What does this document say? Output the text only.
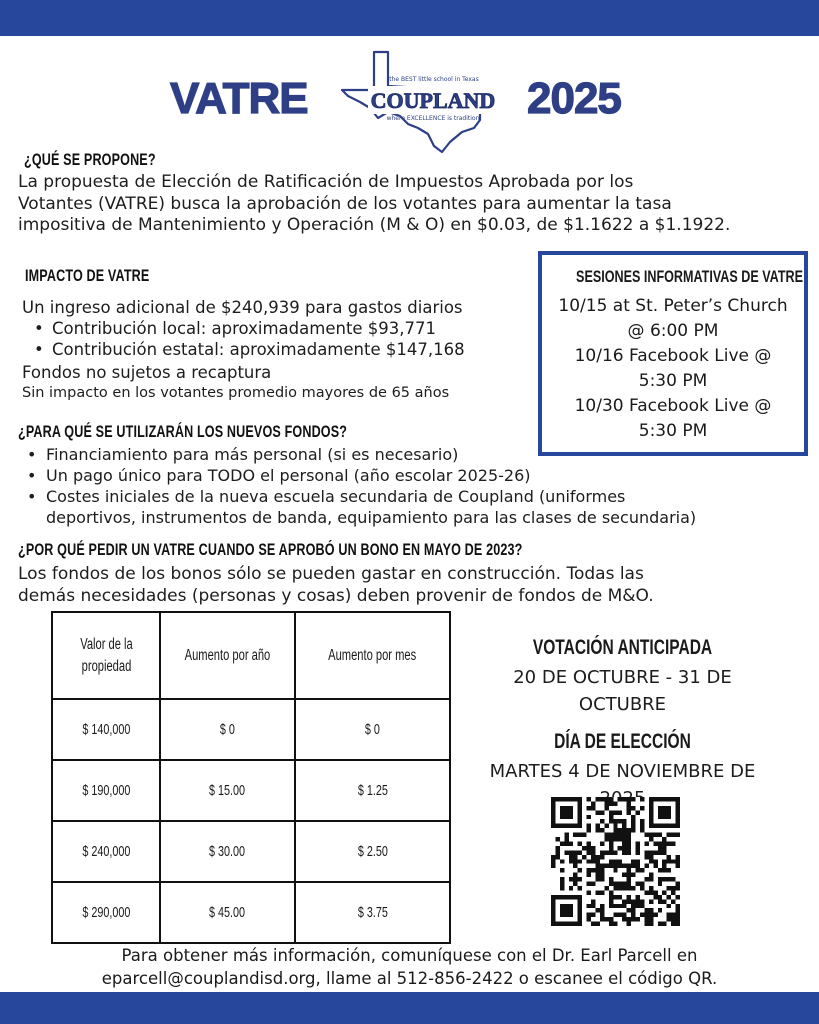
VATRE	the BEST little school in Texas
COUPLAND
where EXCELLENCE is tradition 2025
¿QUÉ SE PROPONE?
La propuesta de Elección de Ratificación de Impuestos Aprobada por los
Votantes (VATRE) busca la aprobación de los votantes para aumentar la tasa
impositiva de Mantenimiento y Operación (M & O) en $0.03, de $1.1622 a $1.1922.
IMPACTO DE VATRE
Un ingreso adicional de $240,939 para gastos diarios
• Contribución local: aproximadamente $93,771
• Contribución estatal: aproximadamente $147,168
Fondos no sujetos a recaptura
Sin impacto en los votantes promedio mayores de 65 años
SESIONES INFORMATIVAS DE VATRE
10/15 at St. Peter’s Church
@ 6:00 PM
10/16 Facebook Live @
5:30 PM
10/30 Facebook Live @
5:30 PM
¿PARA QUÉ SE UTILIZARÁN LOS NUEVOS FONDOS?
• Financiamiento para más personal (si es necesario)
• Un pago único para TODO el personal (año escolar 2025-26)
• Costes iniciales de la nueva escuela secundaria de Coupland (uniformes
deportivos, instrumentos de banda, equipamiento para las clases de secundaria)
¿POR QUÉ PEDIR UN VATRE CUANDO SE APROBÓ UN BONO EN MAYO DE 2023?
Los fondos de los bonos sólo se pueden gastar en construcción. Todas las
demás necesidades (personas y cosas) deben provenir de fondos de M&O.
Valor de la
propiedad	Aumento por año	Aumento por mes
$ 140,000	$ 0	$ 0
$ 190,000	$ 15.00	$ 1.25
$ 240,000	$ 30.00	$ 2.50
$ 290,000	$ 45.00	$ 3.75
VOTACIÓN ANTICIPADA
20 DE OCTUBRE - 31 DE
OCTUBRE
DÍA DE ELECCIÓN
MARTES 4 DE NOVIEMBRE DE
Para obtener más información, comuníquese con el Dr. Earl Parcell en
eparcell@couplandisd.org, llame al 512-856-2422 o escanee el código QR.
